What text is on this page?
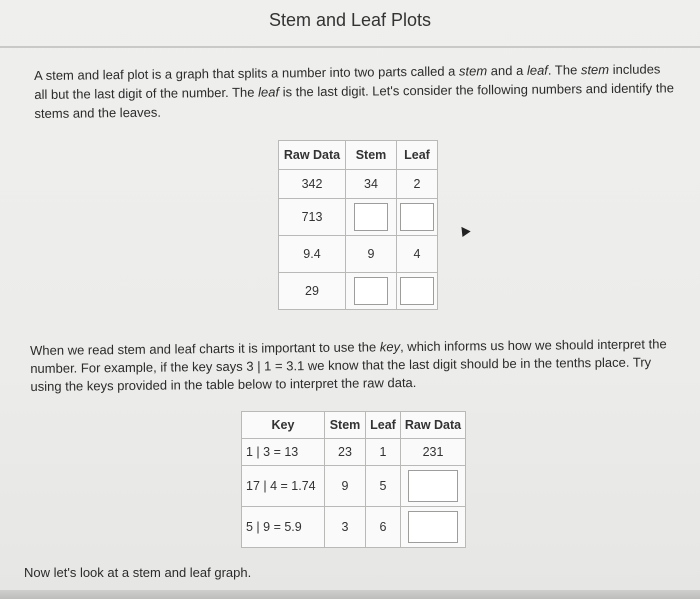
Stem and Leaf Plots
A stem and leaf plot is a graph that splits a number into two parts called a stem and a leaf. The stem includes all but the last digit of the number. The leaf is the last digit. Let's consider the following numbers and identify the stems and the leaves.
Raw Data	Stem	Leaf
342	34	2
713		
9.4	9	4
29		
When we read stem and leaf charts it is important to use the key, which informs us how we should interpret the number. For example, if the key says 3 | 1 = 3.1 we know that the last digit should be in the tenths place. Try using the keys provided in the table below to interpret the raw data.
Key	Stem	Leaf	Raw Data
1 | 3 = 13	23	1	231
17 | 4 = 1.74	9	5	
5 | 9 = 5.9	3	6	
Now let's look at a stem and leaf graph.
